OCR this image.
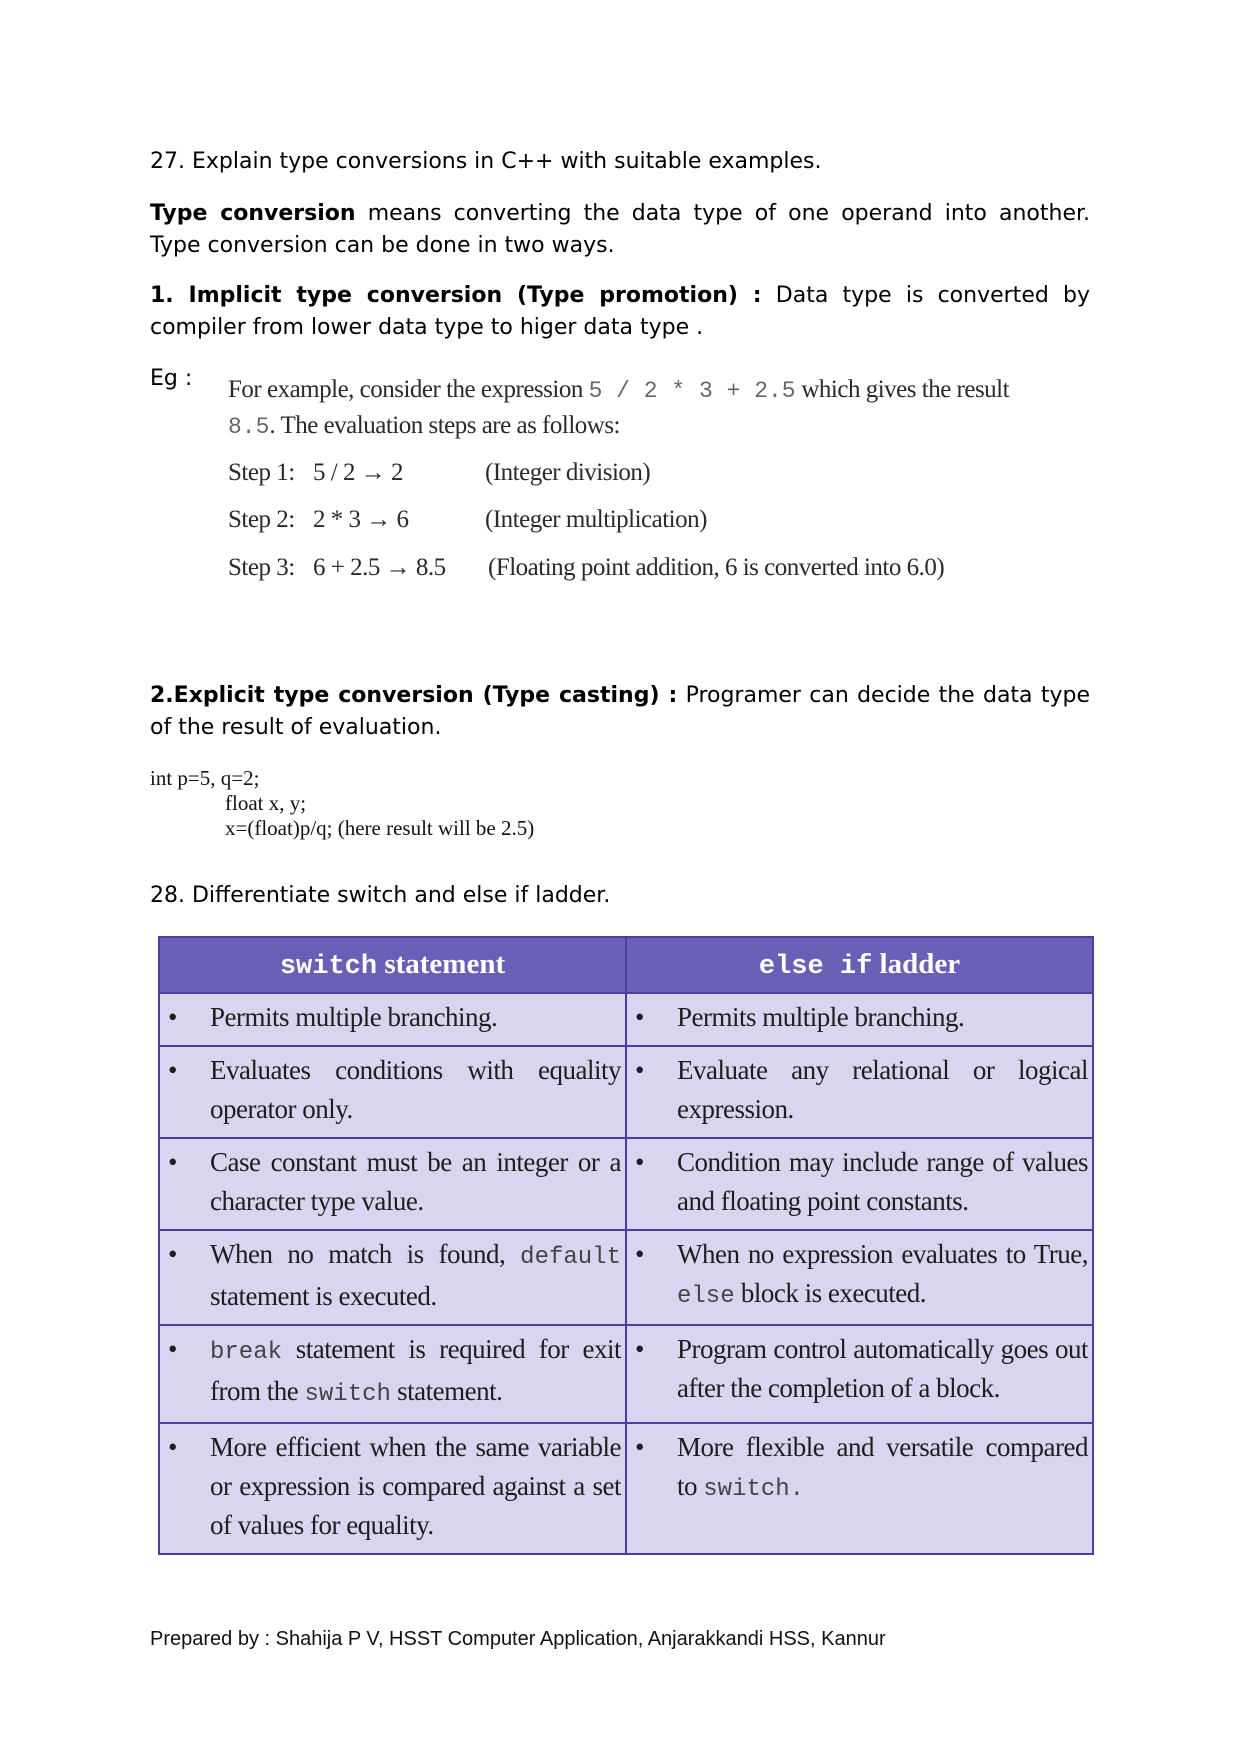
27. Explain type conversions in C++ with suitable examples.
Type conversion means converting the data type of one operand into another. Type conversion can be done in two ways.
1. Implicit type conversion (Type promotion) : Data type is converted by compiler from lower data type to higer data type .
Eg : For example, consider the expression 5 / 2 * 3 + 2.5 which gives the result
8.5. The evaluation steps are as follows:
Step 1: 5 / 2 → 2	(Integer division)
Step 2: 2 * 3 → 6	(Integer multiplication)
Step 3: 6 + 2.5 → 8.5 (Floating point addition, 6 is converted into 6.0)
2.Explicit type conversion (Type casting) : Programer can decide the data type of the result of evaluation.
int p=5, q=2;
float x, y;
x=(float)p/q; (here result will be 2.5)
28. Differentiate switch and else if ladder.
switch statement	else if ladder

• Permits multiple branching.	• Permits multiple branching.

• Evaluates conditions with equality operator only.	• Evaluate any relational or logical expression.

• Case constant must be an integer or a character type value.	• Condition may include range of values and floating point constants.

• When no match is found, default statement is executed.	• When no expression evaluates to True, else block is executed.

• break statement is required for exit from the switch statement.	• Program control automatically goes out after the completion of a block.

• More efficient when the same variable or expression is compared against a set of values for equality.	• More flexible and versatile compared to switch.
Prepared by : Shahija P V, HSST Computer Application, Anjarakkandi HSS, Kannur
